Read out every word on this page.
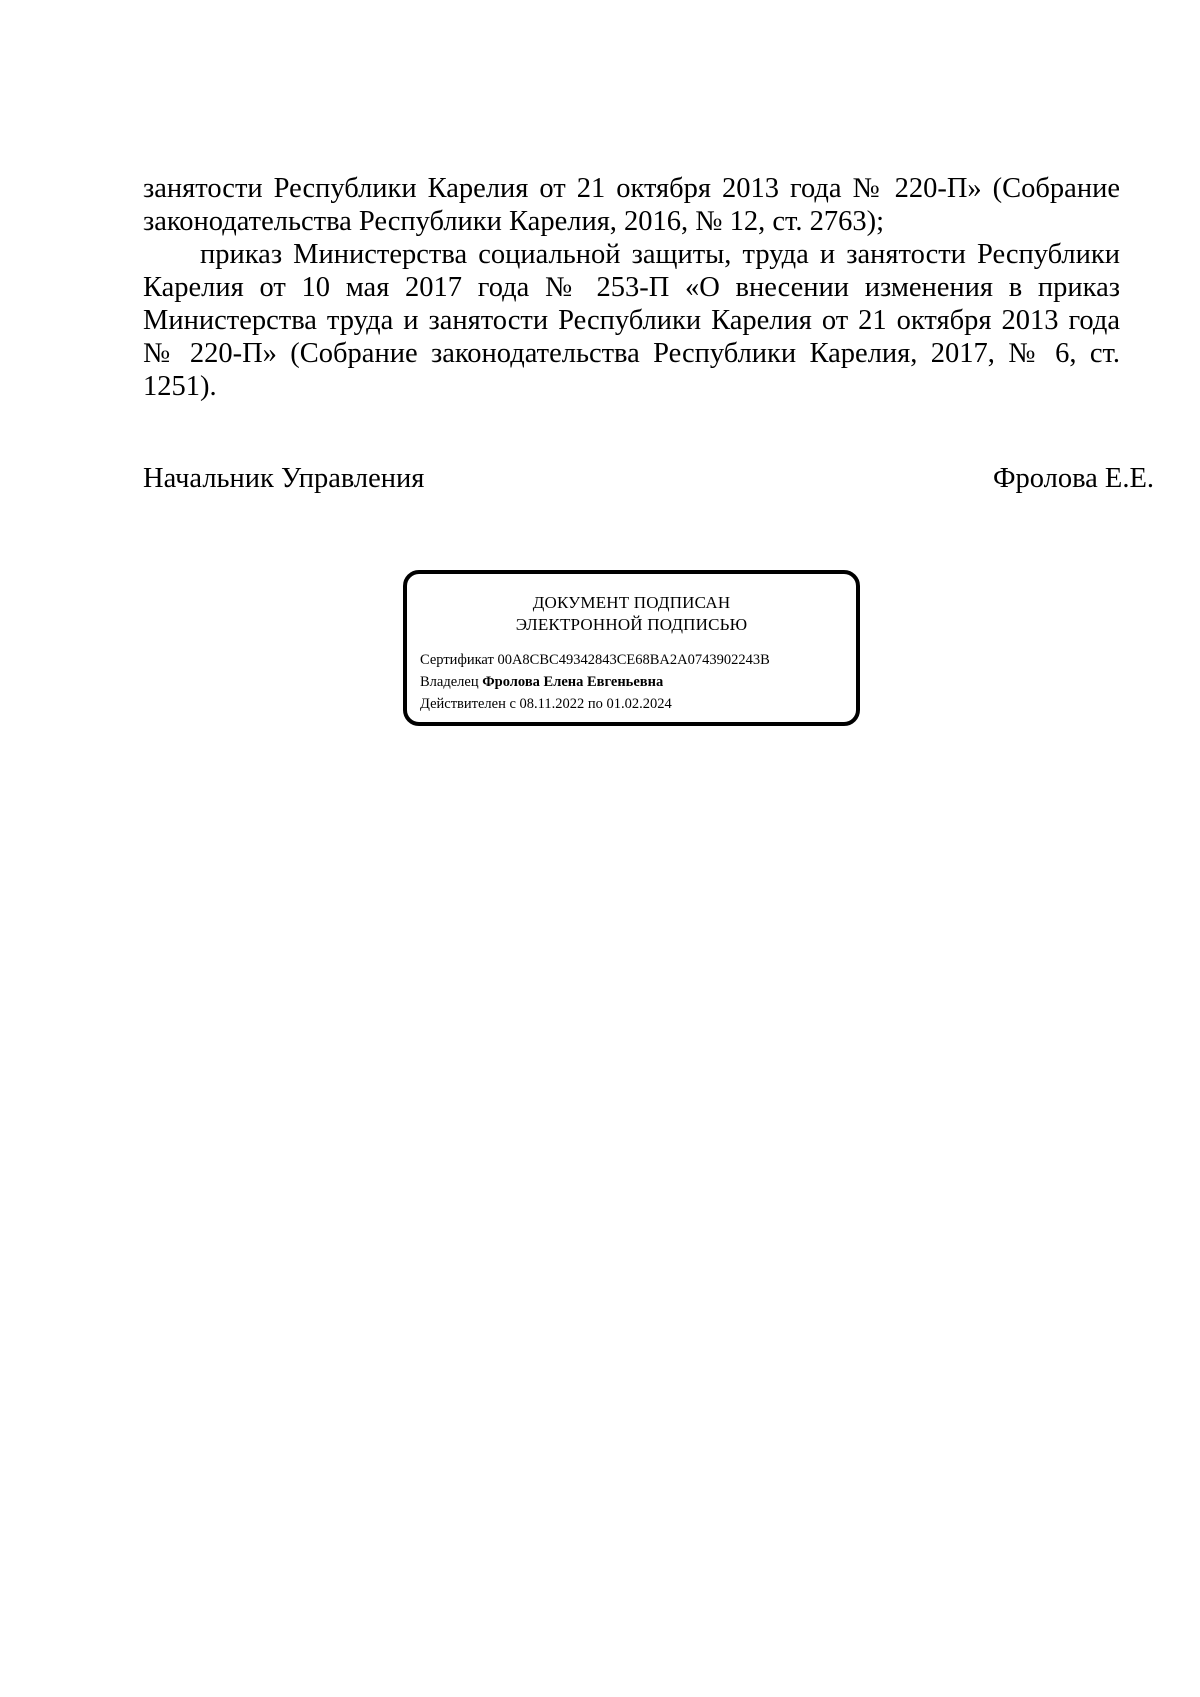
занятости Республики Карелия от 21 октября 2013 года № 220-П» (Собрание законодательства Республики Карелия, 2016, № 12, ст. 2763);

приказ Министерства социальной защиты, труда и занятости Республики Карелия от 10 мая 2017 года № 253-П «О внесении изменения в приказ Министерства труда и занятости Республики Карелия от 21 октября 2013 года № 220-П» (Собрание законодательства Республики Карелия, 2017, № 6, ст. 1251).

Начальник Управления	Фролова Е.Е.
ДОКУМЕНТ ПОДПИСАН
ЭЛЕКТРОННОЙ ПОДПИСЬЮ
Сертификат 00A8CBC49342843CE68BA2A0743902243B
Владелец Фролова Елена Евгеньевна
Действителен с 08.11.2022 по 01.02.2024
